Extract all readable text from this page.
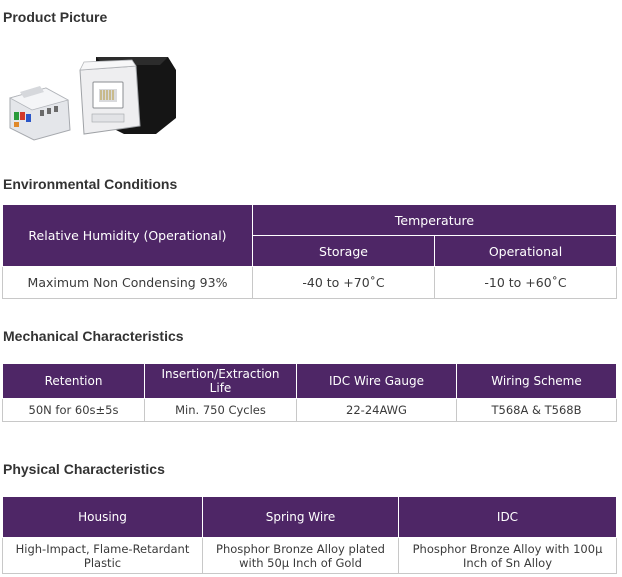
Product Picture
Environmental Conditions
Relative Humidity (Operational)	Temperature	
	Storage	Operational
Maximum Non Condensing 93%	-40 to +70˚C	-10 to +60˚C
Mechanical Characteristics
Retention	Insertion/Extraction Life	IDC Wire Gauge	Wiring Scheme
50N for 60s±5s	Min. 750 Cycles	22-24AWG	T568A & T568B
Physical Characteristics
Housing	Spring Wire	IDC
High-Impact, Flame-Retardant Plastic	Phosphor Bronze Alloy plated with 50μ Inch of Gold	Phosphor Bronze Alloy with 100μ Inch of Sn Alloy
